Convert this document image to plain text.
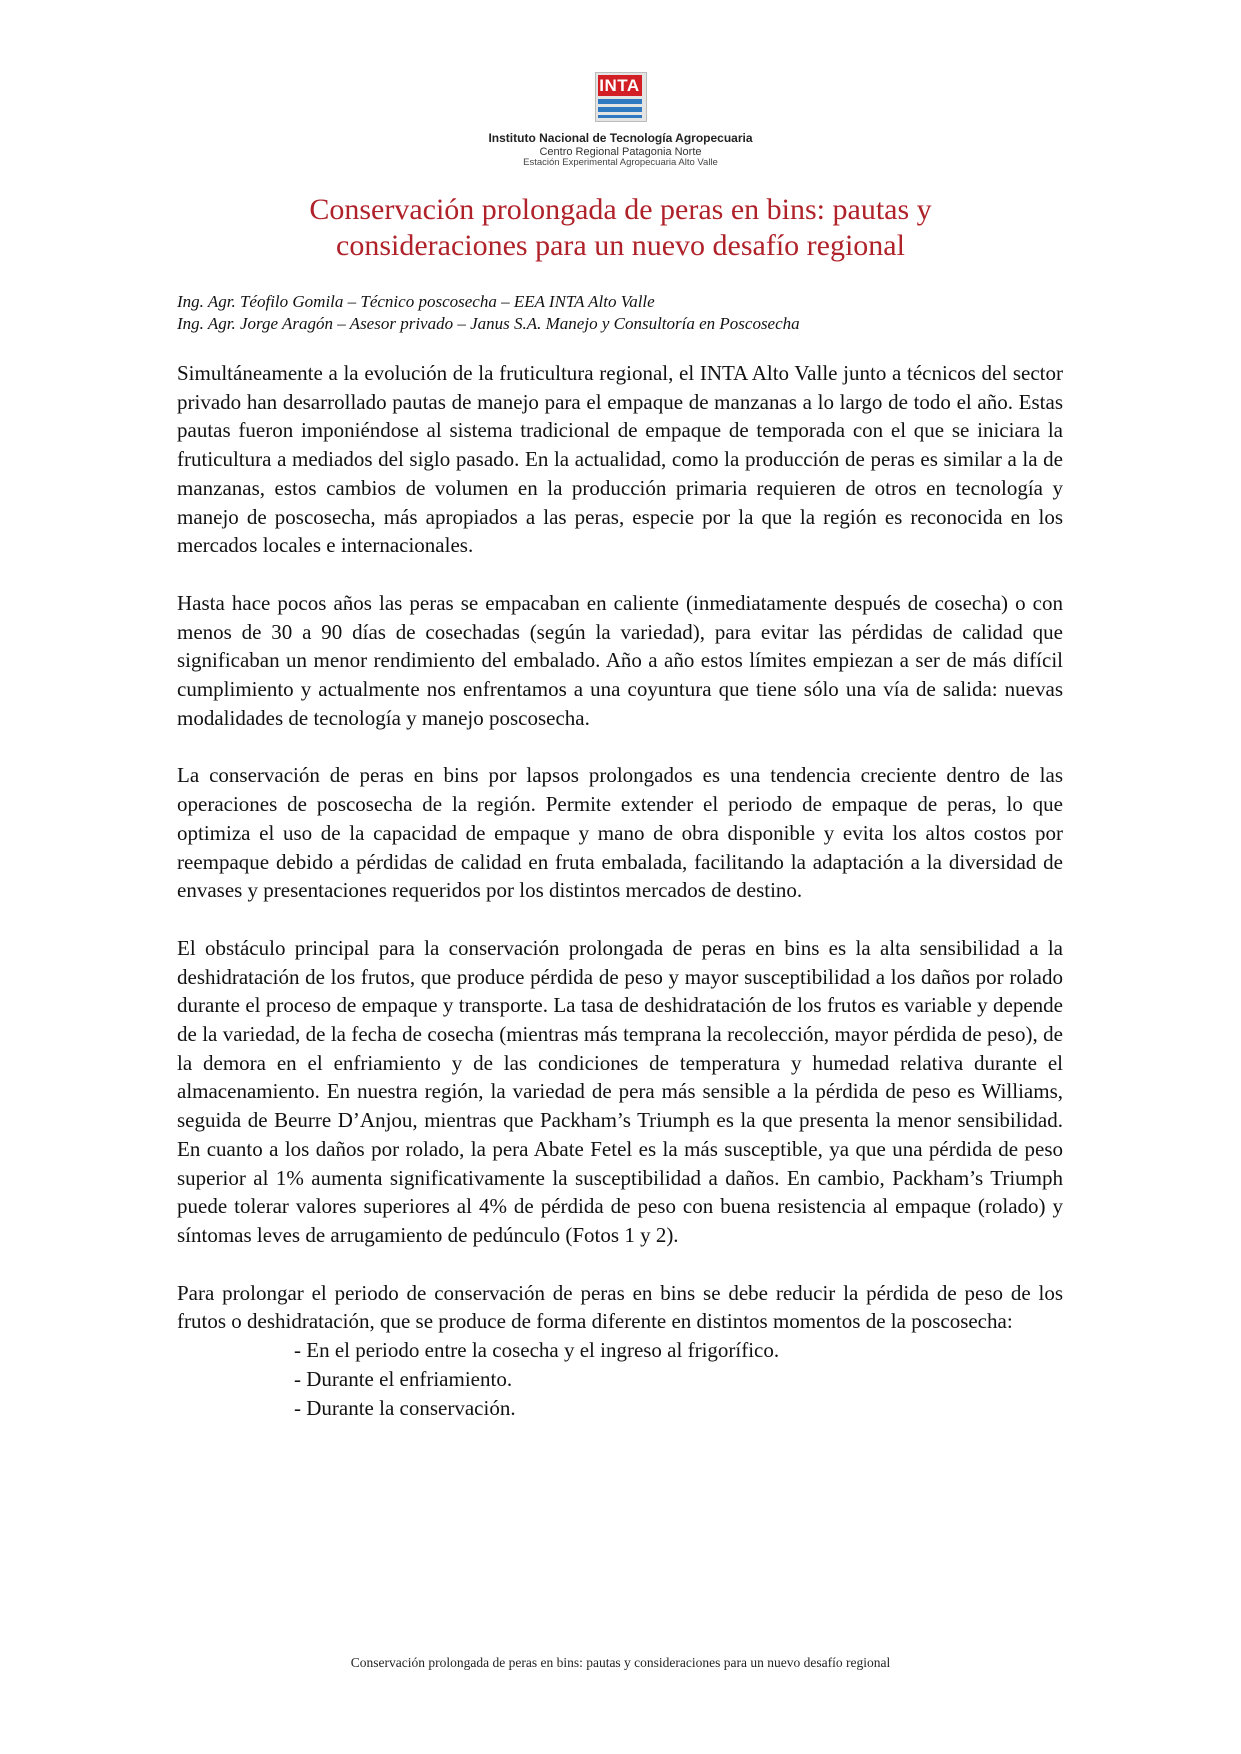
INTA
Instituto Nacional de Tecnología Agropecuaria
Centro Regional Patagonia Norte
Estación Experimental Agropecuaria Alto Valle
Conservación prolongada de peras en bins: pautas y
consideraciones para un nuevo desafío regional
Ing. Agr. Téofilo Gomila – Técnico poscosecha – EEA INTA Alto Valle
Ing. Agr. Jorge Aragón – Asesor privado – Janus S.A. Manejo y Consultoría en Poscosecha

Simultáneamente a la evolución de la fruticultura regional, el INTA Alto Valle junto a técnicos del sector privado han desarrollado pautas de manejo para el empaque de manzanas a lo largo de todo el año. Estas pautas fueron imponiéndose al sistema tradicional de empaque de temporada con el que se iniciara la fruticultura a mediados del siglo pasado. En la actualidad, como la producción de peras es similar a la de manzanas, estos cambios de volumen en la producción primaria requieren de otros en tecnología y manejo de poscosecha, más apropiados a las peras, especie por la que la región es reconocida en los mercados locales e internacionales.

Hasta hace pocos años las peras se empacaban en caliente (inmediatamente después de cosecha) o con menos de 30 a 90 días de cosechadas (según la variedad), para evitar las pérdidas de calidad que significaban un menor rendimiento del embalado. Año a año estos límites empiezan a ser de más difícil cumplimiento y actualmente nos enfrentamos a una coyuntura que tiene sólo una vía de salida: nuevas modalidades de tecnología y manejo poscosecha.

La conservación de peras en bins por lapsos prolongados es una tendencia creciente dentro de las operaciones de poscosecha de la región. Permite extender el periodo de empaque de peras, lo que optimiza el uso de la capacidad de empaque y mano de obra disponible y evita los altos costos por reempaque debido a pérdidas de calidad en fruta embalada, facilitando la adaptación a la diversidad de envases y presentaciones requeridos por los distintos mercados de destino.

El obstáculo principal para la conservación prolongada de peras en bins es la alta sensibilidad a la deshidratación de los frutos, que produce pérdida de peso y mayor susceptibilidad a los daños por rolado durante el proceso de empaque y transporte. La tasa de deshidratación de los frutos es variable y depende de la variedad, de la fecha de cosecha (mientras más temprana la recolección, mayor pérdida de peso), de la demora en el enfriamiento y de las condiciones de temperatura y humedad relativa durante el almacenamiento. En nuestra región, la variedad de pera más sensible a la pérdida de peso es Williams, seguida de Beurre D’Anjou, mientras que Packham’s Triumph es la que presenta la menor sensibilidad. En cuanto a los daños por rolado, la pera Abate Fetel es la más susceptible, ya que una pérdida de peso superior al 1% aumenta significativamente la susceptibilidad a daños. En cambio, Packham’s Triumph puede tolerar valores superiores al 4% de pérdida de peso con buena resistencia al empaque (rolado) y síntomas leves de arrugamiento de pedúnculo (Fotos 1 y 2).

Para prolongar el periodo de conservación de peras en bins se debe reducir la pérdida de peso de los frutos o deshidratación, que se produce de forma diferente en distintos momentos de la poscosecha:

- En el periodo entre la cosecha y el ingreso al frigorífico.
- Durante el enfriamiento.
- Durante la conservación.
Conservación prolongada de peras en bins: pautas y consideraciones para un nuevo desafío regional
